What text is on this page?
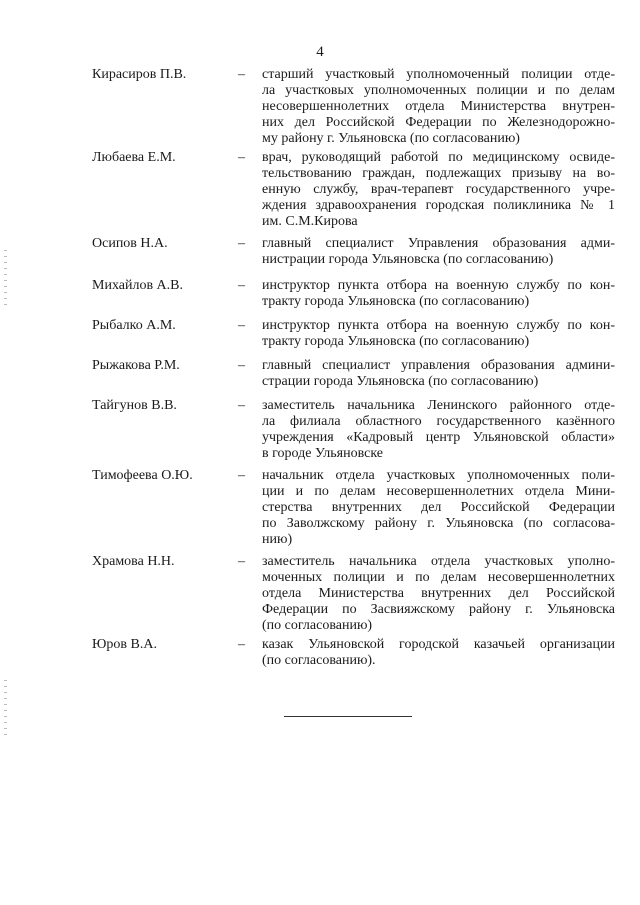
4
Кирасиров П.В.	– старший участковый уполномоченный полиции отде-
ла участковых уполномоченных полиции и по делам
несовершеннолетних отдела Министерства внутрен-
них дел Российской Федерации по Железнодорожно-
му району г. Ульяновска (по согласованию)
Любаева Е.М.	– врач, руководящий работой по медицинскому освиде-
тельствованию граждан, подлежащих призыву на во-
енную службу, врач-терапевт государственного учре-
ждения здравоохранения городская поликлиника № 1
им. С.М.Кирова
Осипов Н.А.	– главный специалист Управления образования адми-
нистрации города Ульяновска (по согласованию)
Михайлов А.В.	– инструктор пункта отбора на военную службу по кон-
тракту города Ульяновска (по согласованию)
Рыбалко А.М.	– инструктор пункта отбора на военную службу по кон-
тракту города Ульяновска (по согласованию)
Рыжакова Р.М.	– главный специалист управления образования админи-
страции города Ульяновска (по согласованию)
Тайгунов В.В.	– заместитель начальника Ленинского районного отде-
ла филиала областного государственного казённого
учреждения «Кадровый центр Ульяновской области»
в городе Ульяновске
Тимофеева О.Ю.	– начальник отдела участковых уполномоченных поли-
ции и по делам несовершеннолетних отдела Мини-
стерства внутренних дел Российской Федерации
по Заволжскому району г. Ульяновска (по согласова-
нию)
Храмова Н.Н.	– заместитель начальника отдела участковых уполно-
моченных полиции и по делам несовершеннолетних
отдела Министерства внутренних дел Российской
Федерации по Засвияжскому району г. Ульяновска
(по согласованию)
Юров В.А.	– казак Ульяновской городской казачьей организации
(по согласованию).
